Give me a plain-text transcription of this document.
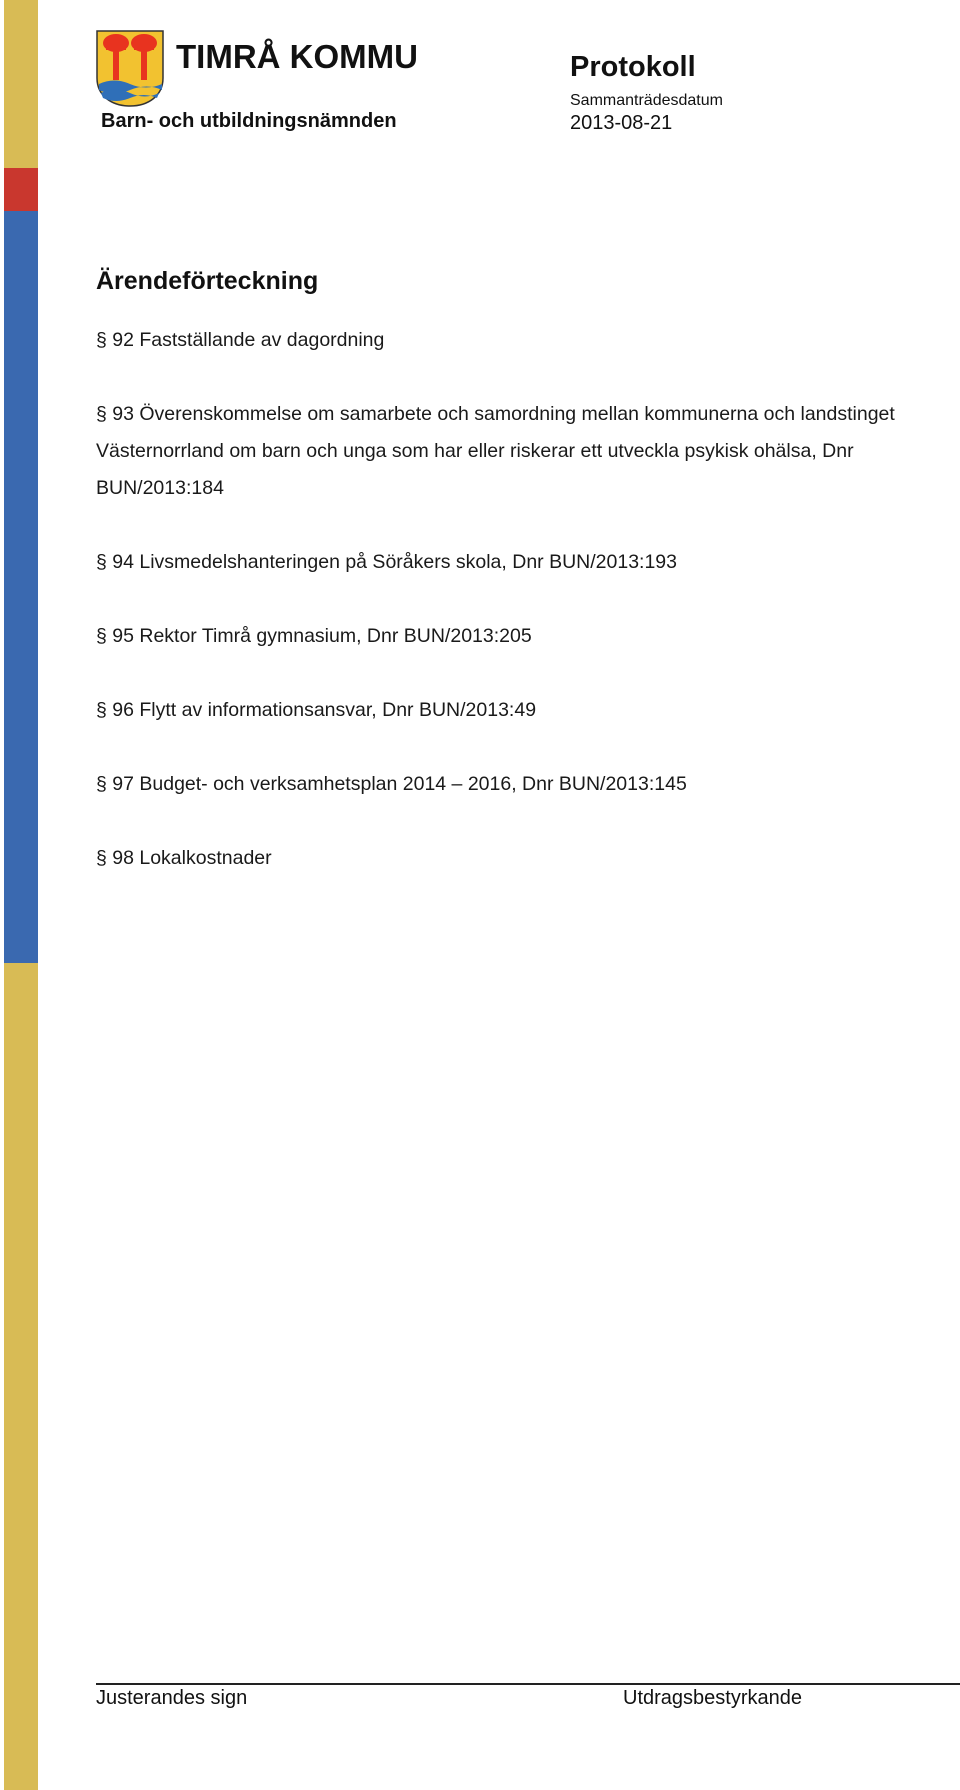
TIMRÅ KOMMUN
Barn- och utbildningsnämnden
Protokoll
Sammanträdesdatum
2013-08-21
Ärendeförteckning
§ 92 Fastställande av dagordning
§ 93 Överenskommelse om samarbete och samordning mellan kommunerna och landstinget Västernorrland om barn och unga som har eller riskerar ett utveckla psykisk ohälsa, Dnr BUN/2013:184
§ 94 Livsmedelshanteringen på Söråkers skola, Dnr BUN/2013:193
§ 95 Rektor Timrå gymnasium, Dnr BUN/2013:205
§ 96 Flytt av informationsansvar, Dnr BUN/2013:49
§ 97 Budget- och verksamhetsplan 2014 – 2016, Dnr BUN/2013:145
§ 98 Lokalkostnader
Justerandes sign	Utdragsbestyrkande
